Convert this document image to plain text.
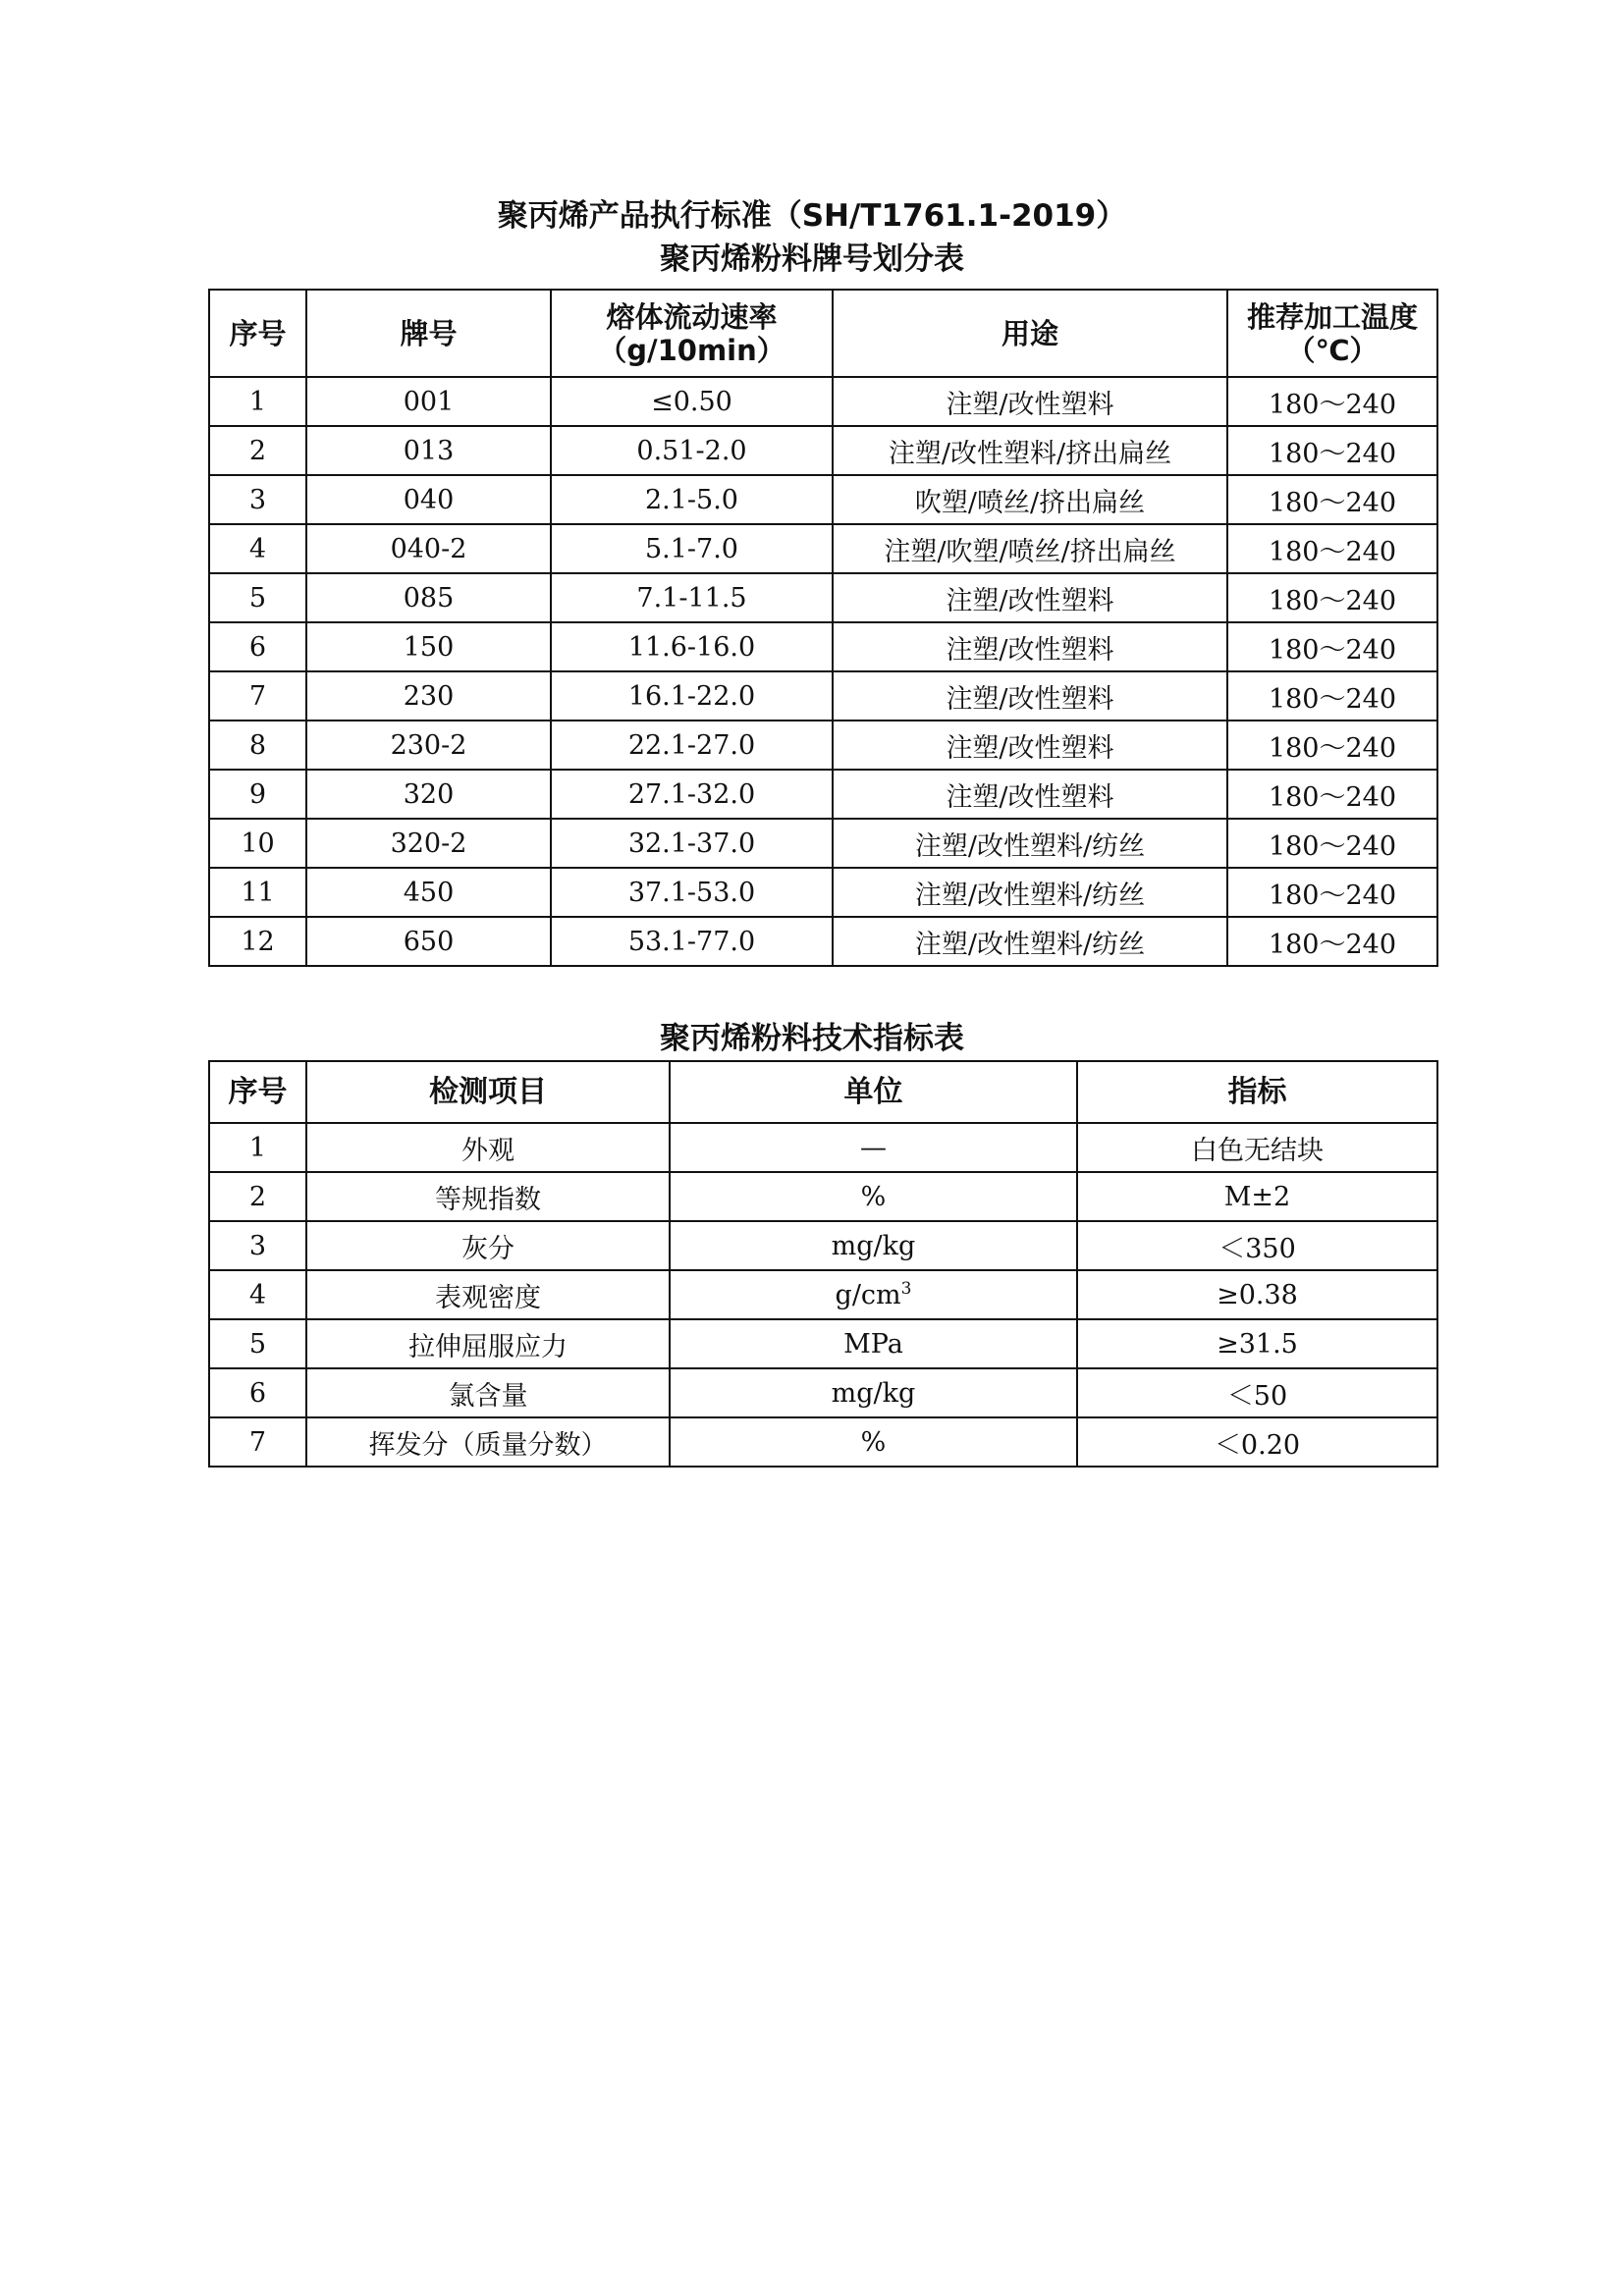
聚丙烯产品执行标准（SH/T1761.1-2019）
聚丙烯粉料牌号划分表
序号	牌号	熔体流动速率（g/10min）	用途	推荐加工温度（℃）
1	001	≤0.50	注塑/改性塑料	180～240
2	013	0.51-2.0	注塑/改性塑料/挤出扁丝	180～240
3	040	2.1-5.0	吹塑/喷丝/挤出扁丝	180～240
4	040-2	5.1-7.0	注塑/吹塑/喷丝/挤出扁丝	180～240
5	085	7.1-11.5	注塑/改性塑料	180～240
6	150	11.6-16.0	注塑/改性塑料	180～240
7	230	16.1-22.0	注塑/改性塑料	180～240
8	230-2	22.1-27.0	注塑/改性塑料	180～240
9	320	27.1-32.0	注塑/改性塑料	180～240
10	320-2	32.1-37.0	注塑/改性塑料/纺丝	180～240
11	450	37.1-53.0	注塑/改性塑料/纺丝	180～240
12	650	53.1-77.0	注塑/改性塑料/纺丝	180～240
聚丙烯粉料技术指标表
序号	检测项目	单位	指标
1	外观	—	白色无结块
2	等规指数	%	M±2
3	灰分	mg/kg	＜350
4	表观密度	$g/cm^3$	≥0.38
5	拉伸屈服应力	MPa	≥31.5
6	氯含量	mg/kg	＜50
7	挥发分（质量分数）	%	＜0.20
